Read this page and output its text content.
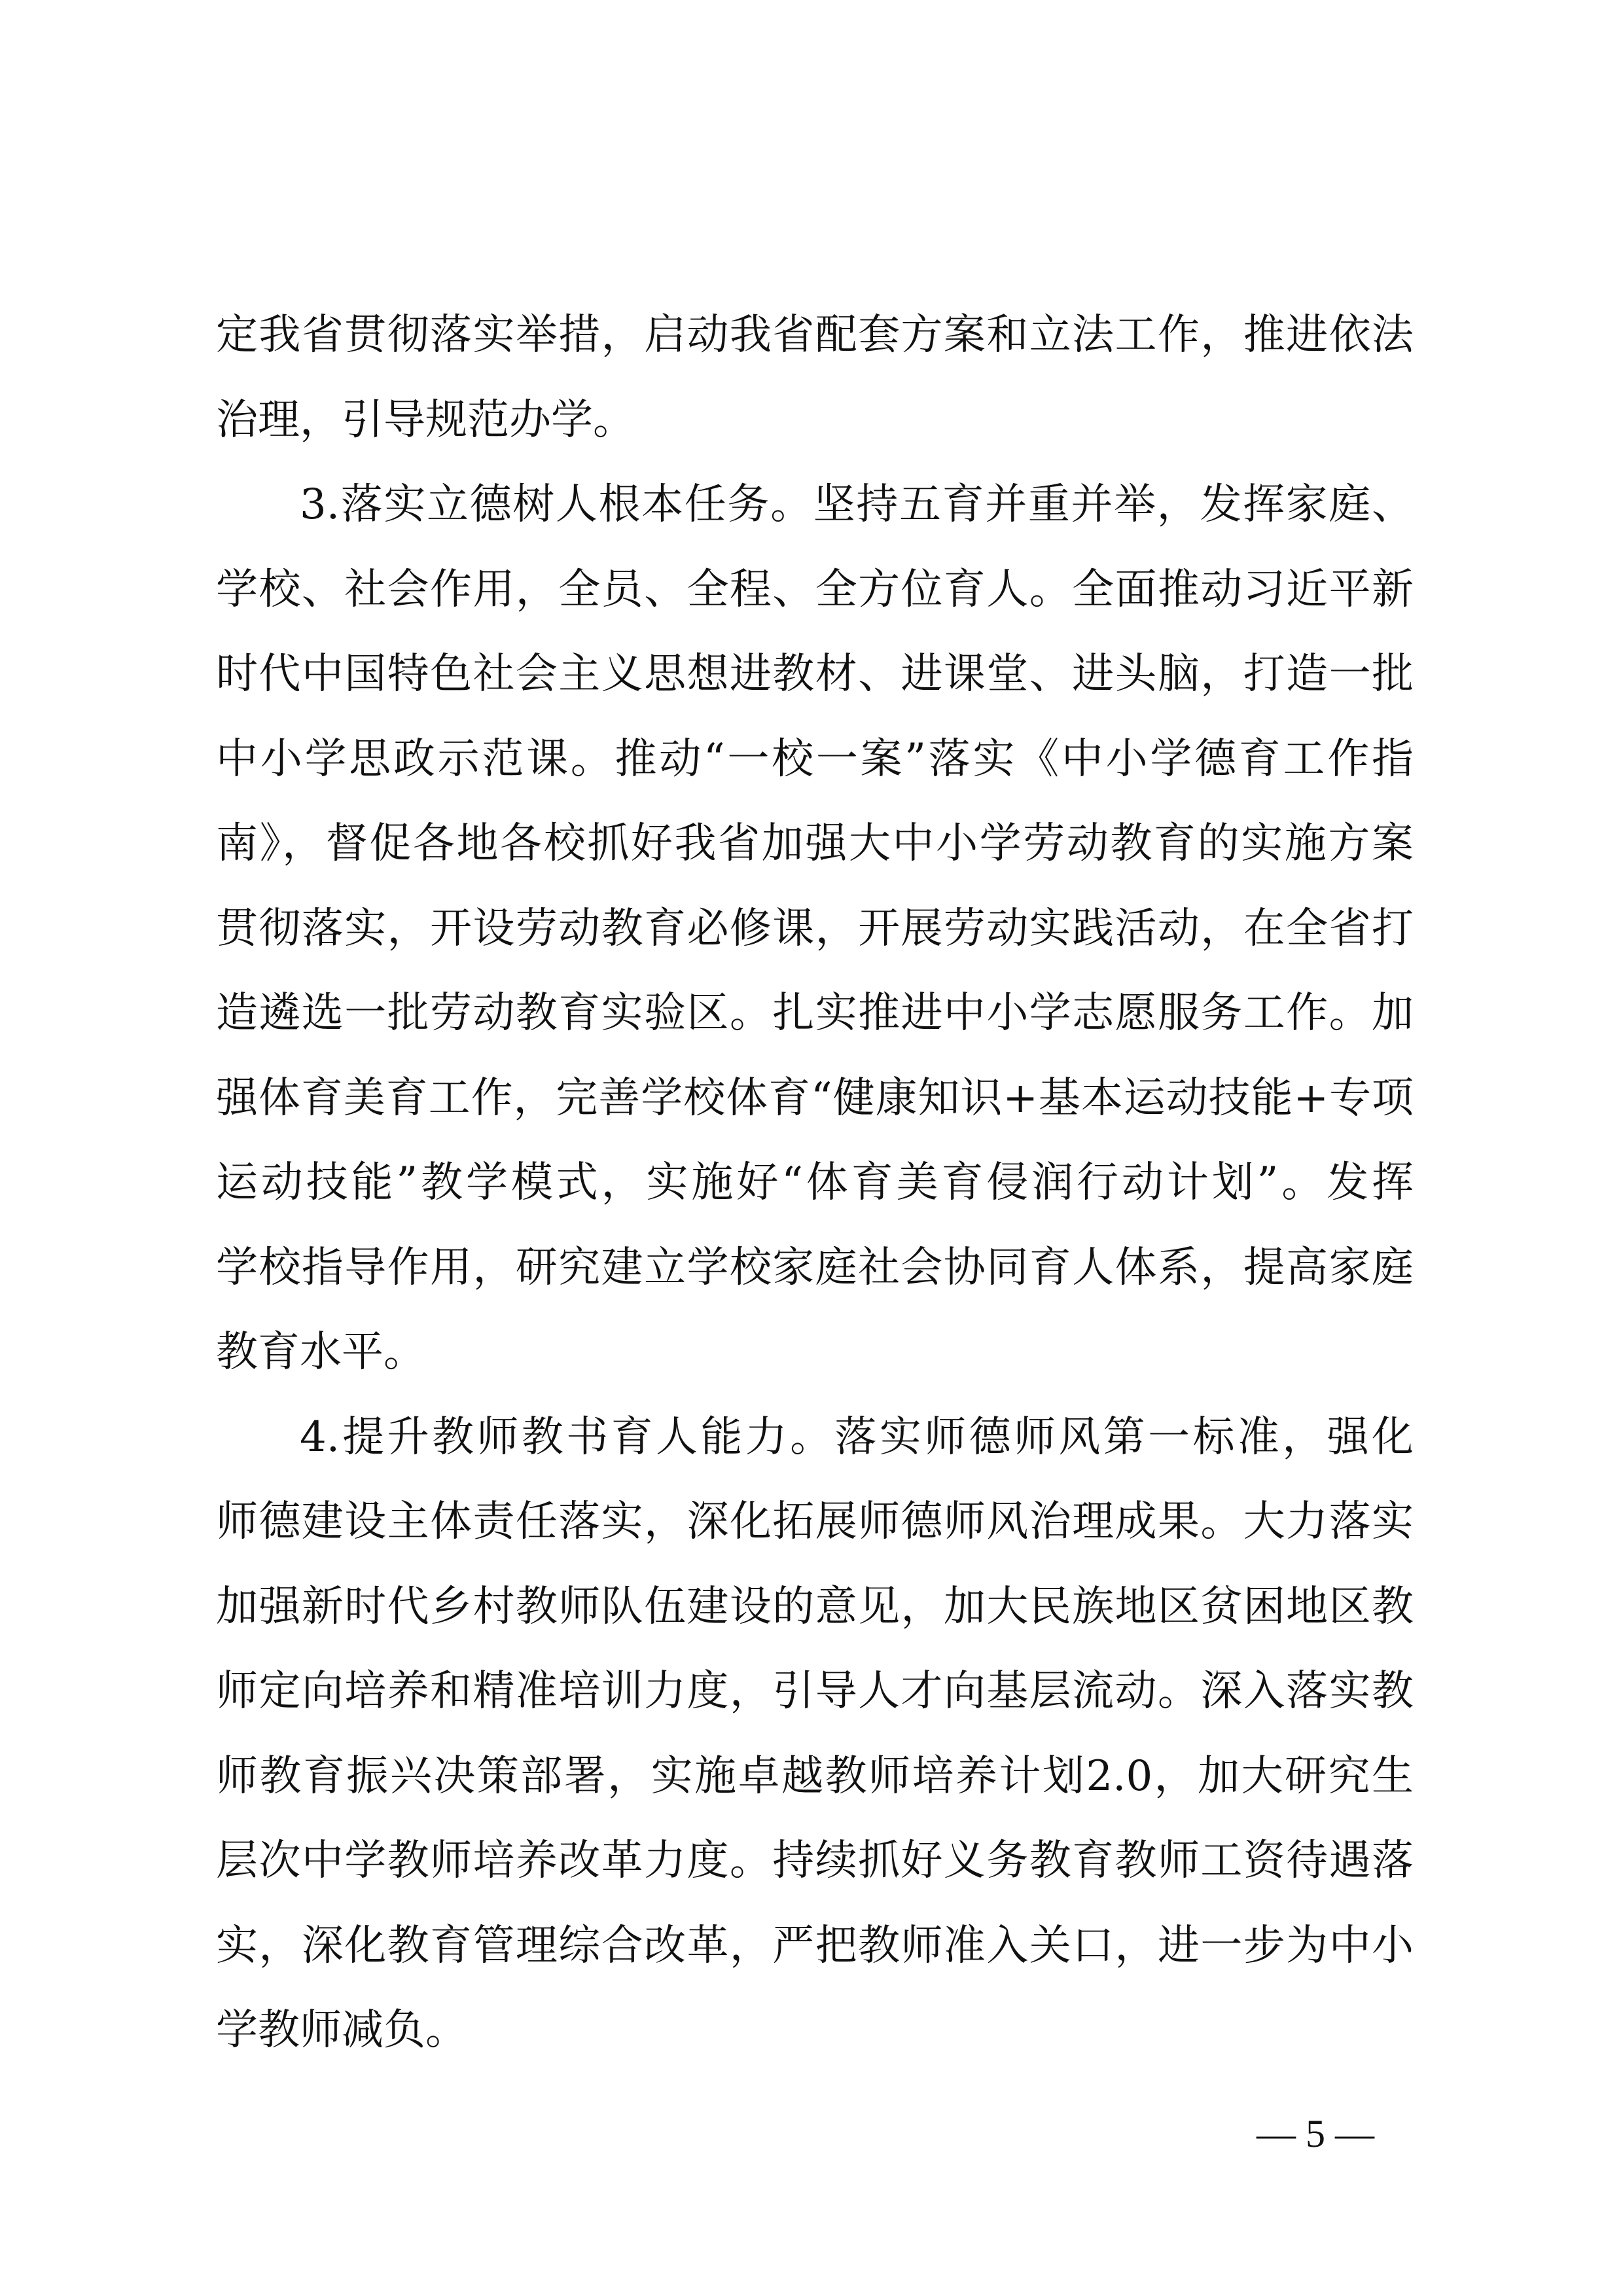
定我省贯彻落实举措，启动我省配套方案和立法工作，推进依法
治理，引导规范办学。
3.落实立德树人根本任务。坚持五育并重并举，发挥家庭、
学校、社会作用，全员、全程、全方位育人。全面推动习近平新
时代中国特色社会主义思想进教材、进课堂、进头脑，打造一批
中小学思政示范课。推动“一校一案”落实《中小学德育工作指
南》，督促各地各校抓好我省加强大中小学劳动教育的实施方案
贯彻落实，开设劳动教育必修课，开展劳动实践活动，在全省打
造遴选一批劳动教育实验区。扎实推进中小学志愿服务工作。加
强体育美育工作，完善学校体育“健康知识+基本运动技能+专项
运动技能”教学模式，实施好“体育美育侵润行动计划”。发挥
学校指导作用，研究建立学校家庭社会协同育人体系，提高家庭
教育水平。
4.提升教师教书育人能力。落实师德师风第一标准，强化
师德建设主体责任落实，深化拓展师德师风治理成果。大力落实
加强新时代乡村教师队伍建设的意见，加大民族地区贫困地区教
师定向培养和精准培训力度，引导人才向基层流动。深入落实教
师教育振兴决策部署，实施卓越教师培养计划2.0，加大研究生
层次中学教师培养改革力度。持续抓好义务教育教师工资待遇落
实，深化教育管理综合改革，严把教师准入关口，进一步为中小
学教师减负。
— 5 —
